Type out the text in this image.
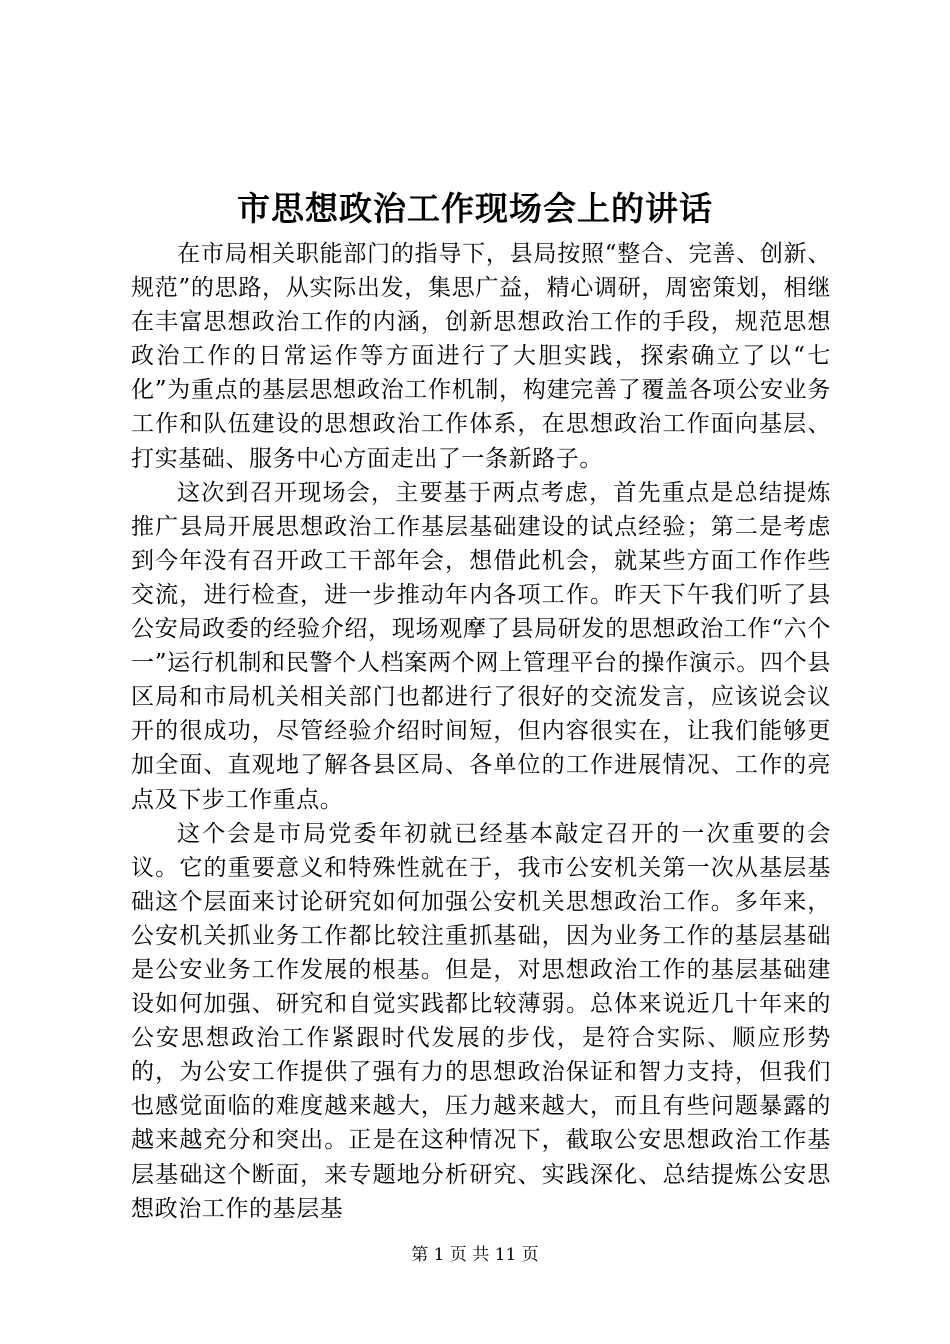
市思想政治工作现场会上的讲话

在市局相关职能部门的指导下，县局按照“整合、完善、创新、规范”的思路，从实际出发，集思广益，精心调研，周密策划，相继在丰富思想政治工作的内涵，创新思想政治工作的手段，规范思想政治工作的日常运作等方面进行了大胆实践，探索确立了以“七化”为重点的基层思想政治工作机制，构建完善了覆盖各项公安业务工作和队伍建设的思想政治工作体系，在思想政治工作面向基层、打实基础、服务中心方面走出了一条新路子。

这次到召开现场会，主要基于两点考虑，首先重点是总结提炼推广县局开展思想政治工作基层基础建设的试点经验；第二是考虑到今年没有召开政工干部年会，想借此机会，就某些方面工作作些交流，进行检查，进一步推动年内各项工作。昨天下午我们听了县公安局政委的经验介绍，现场观摩了县局研发的思想政治工作“六个一”运行机制和民警个人档案两个网上管理平台的操作演示。四个县区局和市局机关相关部门也都进行了很好的交流发言，应该说会议开的很成功，尽管经验介绍时间短，但内容很实在，让我们能够更加全面、直观地了解各县区局、各单位的工作进展情况、工作的亮点及下步工作重点。

这个会是市局党委年初就已经基本敲定召开的一次重要的会议。它的重要意义和特殊性就在于，我市公安机关第一次从基层基础这个层面来讨论研究如何加强公安机关思想政治工作。多年来，公安机关抓业务工作都比较注重抓基础，因为业务工作的基层基础是公安业务工作发展的根基。但是，对思想政治工作的基层基础建设如何加强、研究和自觉实践都比较薄弱。总体来说近几十年来的公安思想政治工作紧跟时代发展的步伐，是符合实际、顺应形势的，为公安工作提供了强有力的思想政治保证和智力支持，但我们也感觉面临的难度越来越大，压力越来越大，而且有些问题暴露的越来越充分和突出。正是在这种情况下，截取公安思想政治工作基层基础这个断面，来专题地分析研究、实践深化、总结提炼公安思想政治工作的基层基

第 1 页 共 11 页
